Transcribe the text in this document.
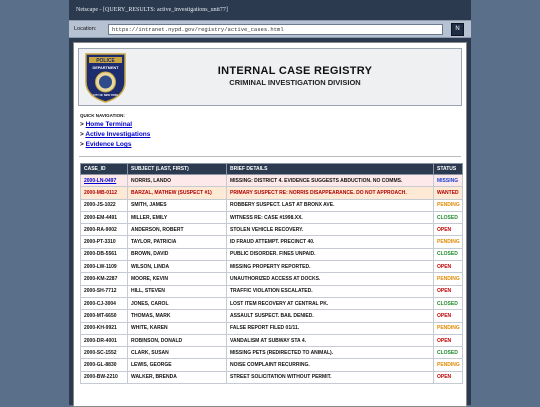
Netscape - [QUERY_RESULTS: active_investigations_unit77]
Location:	https://intranet.nypd.gov/registry/active_cases.html	N
POLICE
DEPARTMENT
CITY OF NEW YORK
INTERNAL CASE REGISTRY
CRIMINAL INVESTIGATION DIVISION
QUICK NAVIGATION:
> Home Terminal
> Active Investigations
> Evidence Logs
CASE_ID	SUBJECT (LAST, FIRST)	BRIEF DETAILS	STATUS
2000-LN-0497	NORRIS, LANDO	MISSING: DISTRICT 4. EVIDENCE SUGGESTS ABDUCTION. NO COMMS.	MISSING
2000-MB-0112	BARZAL, MATHEW (SUSPECT #1)	PRIMARY SUSPECT RE: NORRIS DISAPPEARANCE. DO NOT APPROACH.	WANTED
2000-JS-1022	SMITH, JAMES	ROBBERY SUSPECT. LAST AT BRONX AVE.	PENDING
2000-EM-4491	MILLER, EMILY	WITNESS RE: CASE #1998.XX.	CLOSED
2000-RA-9002	ANDERSON, ROBERT	STOLEN VEHICLE RECOVERY.	OPEN
2000-PT-3310	TAYLOR, PATRICIA	ID FRAUD ATTEMPT. PRECINCT 40.	PENDING
2000-DB-5561	BROWN, DAVID	PUBLIC DISORDER. FINES UNPAID.	CLOSED
2000-LW-1109	WILSON, LINDA	MISSING PROPERTY REPORTED.	OPEN
2000-KM-2287	MOORE, KEVIN	UNAUTHORIZED ACCESS AT DOCKS.	PENDING
2000-SH-7712	HILL, STEVEN	TRAFFIC VIOLATION ESCALATED.	OPEN
2000-CJ-3004	JONES, CAROL	LOST ITEM RECOVERY AT CENTRAL PK.	CLOSED
2000-MT-6650	THOMAS, MARK	ASSAULT SUSPECT. BAIL DENIED.	OPEN
2000-KH-9921	WHITE, KAREN	FALSE REPORT FILED 01/11.	PENDING
2000-DR-4001	ROBINSON, DONALD	VANDALISM AT SUBWAY STA 4.	OPEN
2000-SC-1552	CLARK, SUSAN	MISSING PETS (REDIRECTED TO ANIMAL).	CLOSED
2000-GL-8830	LEWIS, GEORGE	NOISE COMPLAINT RECURRING.	PENDING
2000-BW-2210	WALKER, BRENDA	STREET SOLICITATION WITHOUT PERMIT.	OPEN
